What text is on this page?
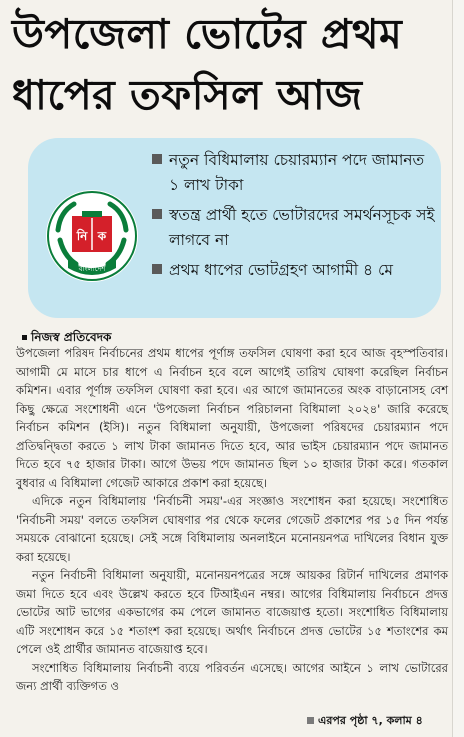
উপজেলা ভোটের প্রথম
ধাপের তফসিল আজ
নি ক
বাংলাদেশ
নতুন বিধিমালায় চেয়ারম্যান পদে জামানত ১ লাখ টাকা
স্বতন্ত্র প্রার্থী হতে ভোটারদের সমর্থনসূচক সই লাগবে না
প্রথম ধাপের ভোটগ্রহণ আগামী ৪ মে
নিজস্ব প্রতিবেদক

উপজেলা পরিষদ নির্বাচনের প্রথম ধাপের পূর্ণাঙ্গ তফসিল ঘোষণা করা হবে আজ বৃহস্পতিবার। আগামী মে মাসে চার ধাপে এ নির্বাচন হবে বলে আগেই তারিখ ঘোষণা করেছিল নির্বাচন কমিশন। এবার পূর্ণাঙ্গ তফসিল ঘোষণা করা হবে। এর আগে জামানতের অংক বাড়ানোসহ বেশ কিছু ক্ষেত্রে সংশোধনী এনে 'উপজেলা নির্বাচন পরিচালনা বিধিমালা ২০২৪' জারি করেছে নির্বাচন কমিশন (ইসি)। নতুন বিধিমালা অনুযায়ী, উপজেলা পরিষদের চেয়ারম্যান পদে প্রতিদ্বন্দ্বিতা করতে ১ লাখ টাকা জামানত দিতে হবে, আর ভাইস চেয়ারম্যান পদে জামানত দিতে হবে ৭৫ হাজার টাকা। আগে উভয় পদে জামানত ছিল ১০ হাজার টাকা করে। গতকাল বুধবার এ বিধিমালা গেজেট আকারে প্রকাশ করা হয়েছে।

এদিকে নতুন বিধিমালায় 'নির্বাচনী সময়'-এর সংজ্ঞাও সংশোধন করা হয়েছে। সংশোধিত 'নির্বাচনী সময়' বলতে তফসিল ঘোষণার পর থেকে ফলের গেজেট প্রকাশের পর ১৫ দিন পর্যন্ত সময়কে বোঝানো হয়েছে। সেই সঙ্গে বিধিমালায় অনলাইনে মনোনয়নপত্র দাখিলের বিধান যুক্ত করা হয়েছে।

নতুন নির্বাচনী বিধিমালা অনুযায়ী, মনোনয়নপত্রের সঙ্গে আয়কর রিটার্ন দাখিলের প্রমাণক জমা দিতে হবে এবং উল্লেখ করতে হবে টিআইএন নম্বর। আগের বিধিমালায় নির্বাচনে প্রদত্ত ভোটের আট ভাগের একভাগের কম পেলে জামানত বাজেয়াপ্ত হতো। সংশোধিত বিধিমালায় এটি সংশোধন করে ১৫ শতাংশ করা হয়েছে। অর্থাৎ নির্বাচনে প্রদত্ত ভোটের ১৫ শতাংশের কম পেলে ওই প্রার্থীর জামানত বাজেয়াপ্ত হবে।

সংশোধিত বিধিমালায় নির্বাচনী ব্যয়ে পরিবর্তন এসেছে। আগের আইনে ১ লাখ ভোটারের জন্য প্রার্থী ব্যক্তিগত ও

এরপর পৃষ্ঠা ৭, কলাম ৪
